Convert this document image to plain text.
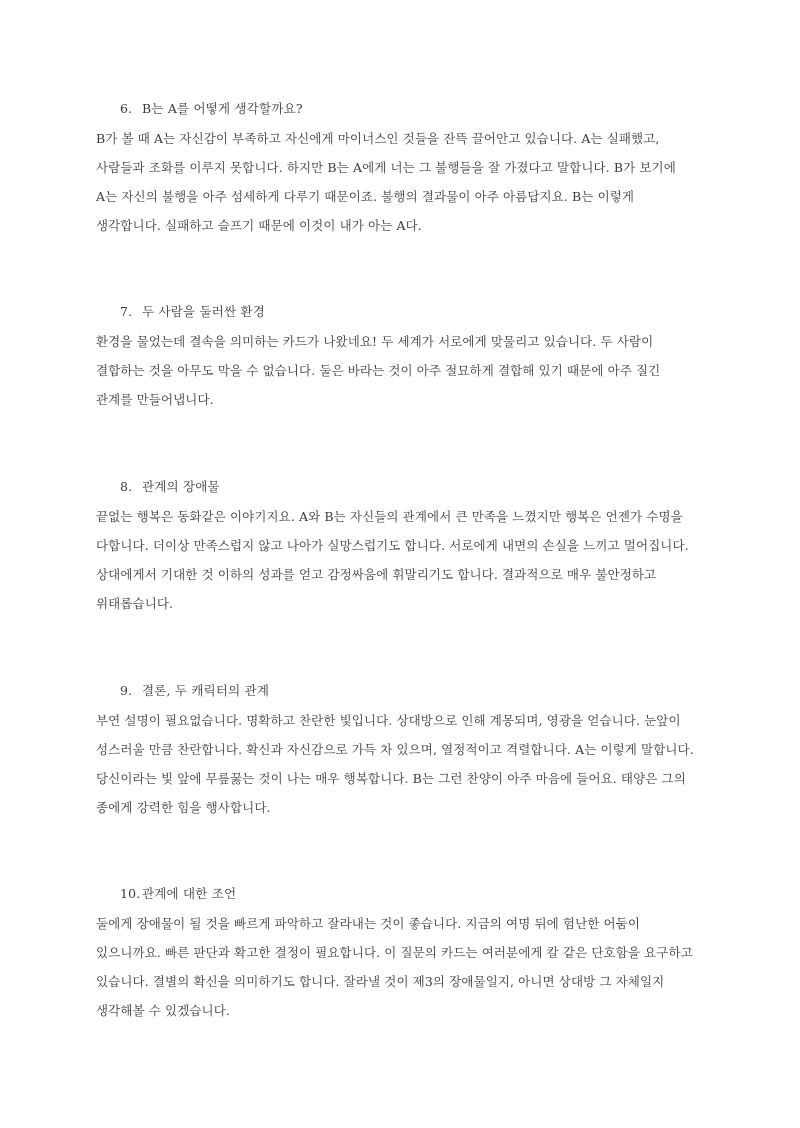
6. B는 A를 어떻게 생각할까요?

B가 볼 때 A는 자신감이 부족하고 자신에게 마이너스인 것들을 잔뜩 끌어안고 있습니다. A는 실패했고,

사람들과 조화를 이루지 못합니다. 하지만 B는 A에게 너는 그 불행들을 잘 가졌다고 말합니다. B가 보기에

A는 자신의 불행을 아주 섬세하게 다루기 때문이죠. 불행의 결과물이 아주 아름답지요. B는 이렇게

생각합니다. 실패하고 슬프기 때문에 이것이 내가 아는 A다.

7. 두 사람을 둘러싼 환경

환경을 물었는데 결속을 의미하는 카드가 나왔네요! 두 세계가 서로에게 맞물리고 있습니다. 두 사람이

결합하는 것을 아무도 막을 수 없습니다. 둘은 바라는 것이 아주 절묘하게 결합해 있기 때문에 아주 질긴

관계를 만들어냅니다.

8. 관계의 장애물

끝없는 행복은 동화같은 이야기지요. A와 B는 자신들의 관계에서 큰 만족을 느꼈지만 행복은 언젠가 수명을

다합니다. 더이상 만족스럽지 않고 나아가 실망스럽기도 합니다. 서로에게 내면의 손실을 느끼고 멀어집니다.

상대에게서 기대한 것 이하의 성과를 얻고 감정싸움에 휘말리기도 합니다. 결과적으로 매우 불안정하고

위태롭습니다.

9. 결론, 두 캐릭터의 관계

부연 설명이 필요없습니다. 명확하고 찬란한 빛입니다. 상대방으로 인해 계몽되며, 영광을 얻습니다. 눈앞이

성스러울 만큼 찬란합니다. 확신과 자신감으로 가득 차 있으며, 열정적이고 격렬합니다. A는 이렇게 말합니다.

당신이라는 빛 앞에 무릎꿇는 것이 나는 매우 행복합니다. B는 그런 찬양이 아주 마음에 들어요. 태양은 그의

종에게 강력한 힘을 행사합니다.

10. 관계에 대한 조언

둘에게 장애물이 될 것을 빠르게 파악하고 잘라내는 것이 좋습니다. 지금의 여명 뒤에 험난한 어둠이

있으니까요. 빠른 판단과 확고한 결정이 필요합니다. 이 질문의 카드는 여러분에게 칼 같은 단호함을 요구하고

있습니다. 결별의 확신을 의미하기도 합니다. 잘라낼 것이 제3의 장애물일지, 아니면 상대방 그 자체일지

생각해볼 수 있겠습니다.
